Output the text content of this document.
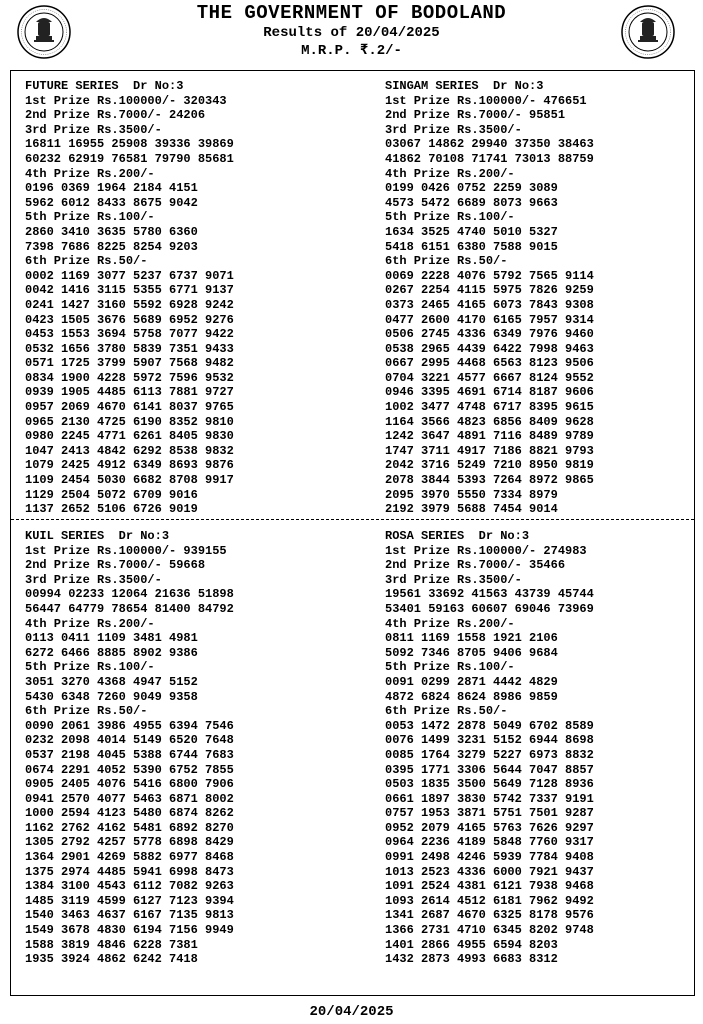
THE GOVERNMENT OF BODOLAND
Results of 20/04/2025
M.R.P. ₹.2/-
FUTURE SERIES  Dr No:3
1st Prize Rs.100000/- 320343
2nd Prize Rs.7000/- 24206
3rd Prize Rs.3500/-
16811 16955 25908 39336 39869
60232 62919 76581 79790 85681
4th Prize Rs.200/-
0196 0369 1964 2184 4151
5962 6012 8433 8675 9042
5th Prize Rs.100/-
2860 3410 3635 5780 6360
7398 7686 8225 8254 9203
6th Prize Rs.50/-
0002 1169 3077 5237 6737 9071
0042 1416 3115 5355 6771 9137
0241 1427 3160 5592 6928 9242
0423 1505 3676 5689 6952 9276
0453 1553 3694 5758 7077 9422
0532 1656 3780 5839 7351 9433
0571 1725 3799 5907 7568 9482
0834 1900 4228 5972 7596 9532
0939 1905 4485 6113 7881 9727
0957 2069 4670 6141 8037 9765
0965 2130 4725 6190 8352 9810
0980 2245 4771 6261 8405 9830
1047 2413 4842 6292 8538 9832
1079 2425 4912 6349 8693 9876
1109 2454 5030 6682 8708 9917
1129 2504 5072 6709 9016
1137 2652 5106 6726 9019
SINGAM SERIES  Dr No:3
1st Prize Rs.100000/- 476651
2nd Prize Rs.7000/- 95851
3rd Prize Rs.3500/-
03067 14862 29940 37350 38463
41862 70108 71741 73013 88759
4th Prize Rs.200/-
0199 0426 0752 2259 3089
4573 5472 6689 8073 9663
5th Prize Rs.100/-
1634 3525 4740 5010 5327
5418 6151 6380 7588 9015
6th Prize Rs.50/-
0069 2228 4076 5792 7565 9114
0267 2254 4115 5975 7826 9259
0373 2465 4165 6073 7843 9308
0477 2600 4170 6165 7957 9314
0506 2745 4336 6349 7976 9460
0538 2965 4439 6422 7998 9463
0667 2995 4468 6563 8123 9506
0704 3221 4577 6667 8124 9552
0946 3395 4691 6714 8187 9606
1002 3477 4748 6717 8395 9615
1164 3566 4823 6856 8409 9628
1242 3647 4891 7116 8489 9789
1747 3711 4917 7186 8821 9793
2042 3716 5249 7210 8950 9819
2078 3844 5393 7264 8972 9865
2095 3970 5550 7334 8979
2192 3979 5688 7454 9014
KUIL SERIES  Dr No:3
1st Prize Rs.100000/- 939155
2nd Prize Rs.7000/- 59668
3rd Prize Rs.3500/-
00994 02233 12064 21636 51898
56447 64779 78654 81400 84792
4th Prize Rs.200/-
0113 0411 1109 3481 4981
6272 6466 8885 8902 9386
5th Prize Rs.100/-
3051 3270 4368 4947 5152
5430 6348 7260 9049 9358
6th Prize Rs.50/-
0090 2061 3986 4955 6394 7546
0232 2098 4014 5149 6520 7648
0537 2198 4045 5388 6744 7683
0674 2291 4052 5390 6752 7855
0905 2405 4076 5416 6800 7906
0941 2570 4077 5463 6871 8002
1000 2594 4123 5480 6874 8262
1162 2762 4162 5481 6892 8270
1305 2792 4257 5778 6898 8429
1364 2901 4269 5882 6977 8468
1375 2974 4485 5941 6998 8473
1384 3100 4543 6112 7082 9263
1485 3119 4599 6127 7123 9394
1540 3463 4637 6167 7135 9813
1549 3678 4830 6194 7156 9949
1588 3819 4846 6228 7381
1935 3924 4862 6242 7418
ROSA SERIES  Dr No:3
1st Prize Rs.100000/- 274983
2nd Prize Rs.7000/- 35466
3rd Prize Rs.3500/-
19561 33692 41563 43739 45744
53401 59163 60607 69046 73969
4th Prize Rs.200/-
0811 1169 1558 1921 2106
5092 7346 8705 9406 9684
5th Prize Rs.100/-
0091 0299 2871 4442 4829
4872 6824 8624 8986 9859
6th Prize Rs.50/-
0053 1472 2878 5049 6702 8589
0076 1499 3231 5152 6944 8698
0085 1764 3279 5227 6973 8832
0395 1771 3306 5644 7047 8857
0503 1835 3500 5649 7128 8936
0661 1897 3830 5742 7337 9191
0757 1953 3871 5751 7501 9287
0952 2079 4165 5763 7626 9297
0964 2236 4189 5848 7760 9317
0991 2498 4246 5939 7784 9408
1013 2523 4336 6000 7921 9437
1091 2524 4381 6121 7938 9468
1093 2614 4512 6181 7962 9492
1341 2687 4670 6325 8178 9576
1366 2731 4710 6345 8202 9748
1401 2866 4955 6594 8203
1432 2873 4993 6683 8312
20/04/2025
